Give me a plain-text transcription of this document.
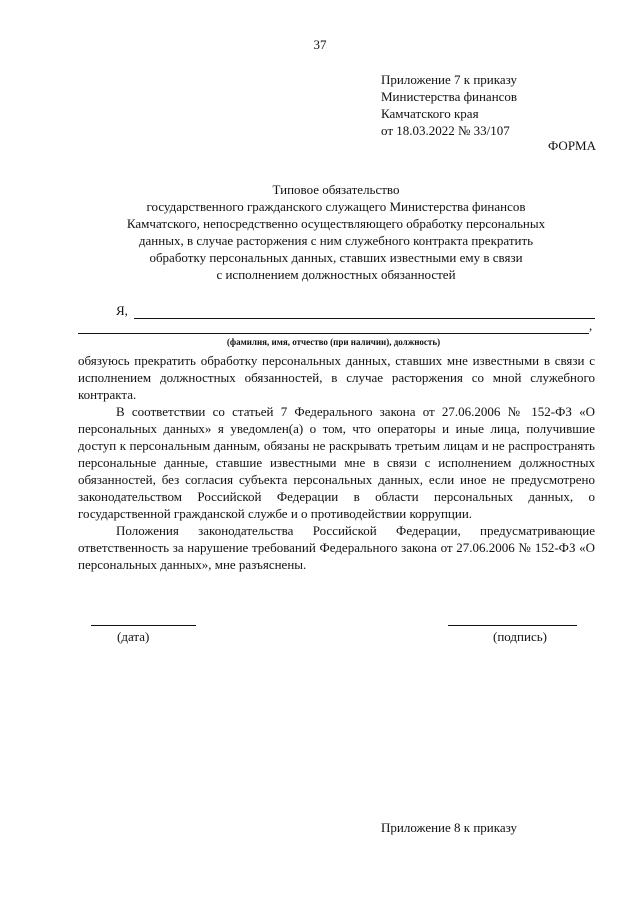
37
Приложение 7 к приказу
Министерства финансов
Камчатского края
от 18.03.2022 № 33/107
ФОРМА
Типовое обязательство
государственного гражданского служащего Министерства финансов
Камчатского, непосредственно осуществляющего обработку персональных
данных, в случае расторжения с ним служебного контракта прекратить
обработку персональных данных, ставших известными ему в связи
с исполнением должностных обязанностей
Я,
,
(фамилия, имя, отчество (при наличии), должность)

обязуюсь прекратить обработку персональных данных, ставших мне известными в связи с исполнением должностных обязанностей, в случае расторжения со мной служебного контракта.

В соответствии со статьей 7 Федерального закона от 27.06.2006 № 152-ФЗ «О персональных данных» я уведомлен(а) о том, что операторы и иные лица, получившие доступ к персональным данным, обязаны не раскрывать третьим лицам и не распространять персональные данные, ставшие известными мне в связи с исполнением должностных обязанностей, без согласия субъекта персональных данных, если иное не предусмотрено законодательством Российской Федерации в области персональных данных, о государственной гражданской службе и о противодействии коррупции.

Положения законодательства Российской Федерации, предусматривающие ответственность за нарушение требований Федерального закона от 27.06.2006 № 152-ФЗ «О персональных данных», мне разъяснены.

(дата)	(подпись)
Приложение 8 к приказу
